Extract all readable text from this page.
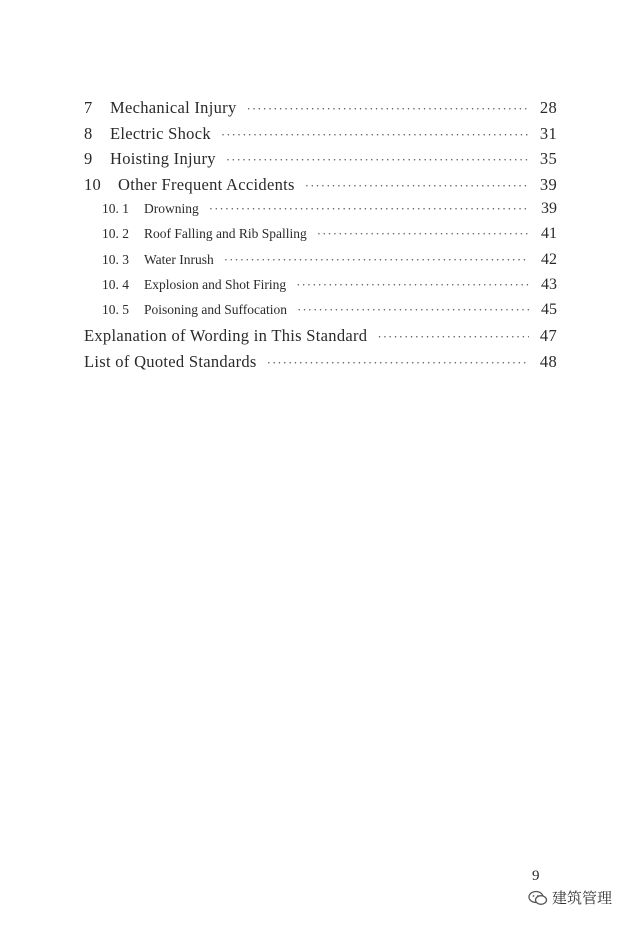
7	Mechanical Injury ·····	28
8	Electric Shock ·····	31
9	Hoisting Injury ·····	35
10	Other Frequent Accidents ·····	39
10. 1	Drowning ·····	39
10. 2	Roof Falling and Rib Spalling ·····	41
10. 3	Water Inrush ·····	42
10. 4	Explosion and Shot Firing ·····	43
10. 5	Poisoning and Suffocation ·····	45
Explanation of Wording in This Standard ·····	47
List of Quoted Standards ·····	48
9
建筑管理
